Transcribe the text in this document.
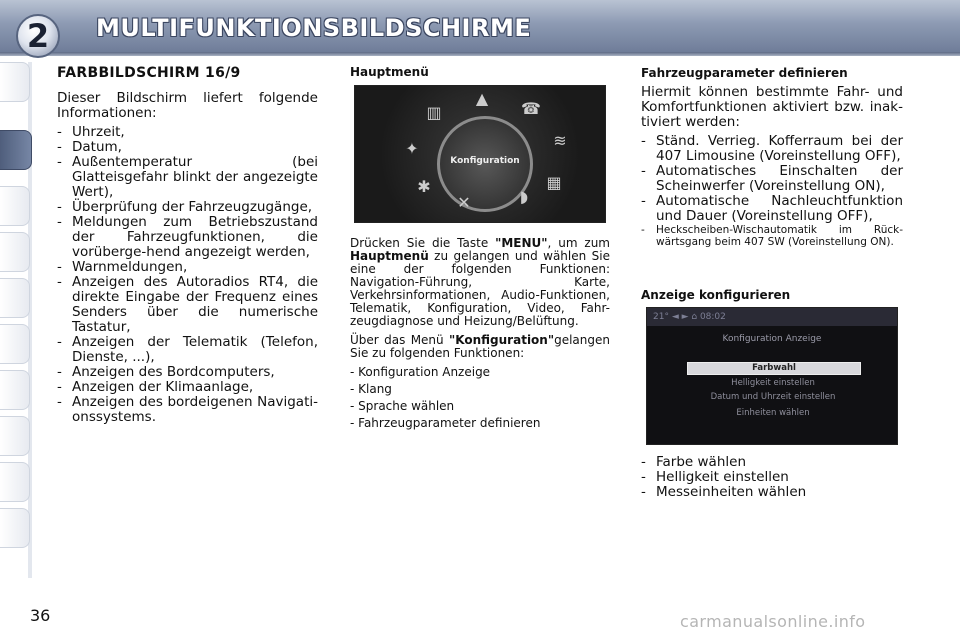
2	MULTIFUNKTIONSBILDSCHIRME
FARBBILDSCHIRM 16/9

Dieser Bildschirm liefert folgende Informationen:

- Uhrzeit,
- Datum,
- Außentemperatur (bei Glatteisgefahr blinkt der angezeigte Wert),
- Überprüfung der Fahrzeugzugänge,
- Meldungen zum Betriebszustand der Fahrzeugfunktionen, die vorüberge-hend angezeigt werden,
- Warnmeldungen,
- Anzeigen des Autoradios RT4, die direkte Eingabe der Frequenz eines Senders über die numerische Tastatur,
- Anzeigen der Telematik (Telefon, Dienste, ...),
- Anzeigen des Bordcomputers,
- Anzeigen der Klimaanlage,
- Anzeigen des bordeigenen Navigati-onssystems.
Hauptmenü
Konfiguration
▥
▲
☎
✦	≋
✱
✕	◗
▦

Drücken Sie die Taste "MENU", um zum Hauptmenü zu gelangen und wählen Sie eine der folgenden Funktionen: Navigation-Führung, Karte, Verkehrsinformationen, Audio-Funktionen, Telematik, Konfiguration, Video, Fahr-zeugdiagnose und Heizung/Belüftung.

Über das Menü "Konfiguration"gelangen Sie zu folgenden Funktionen:

- Konfiguration Anzeige
- Klang
- Sprache wählen
- Fahrzeugparameter definieren
Fahrzeugparameter definieren

Hiermit können bestimmte Fahr- und Komfortfunktionen aktiviert bzw. inak-tiviert werden:

- Ständ. Verrieg. Kofferraum bei der 407 Limousine (Voreinstellung OFF),
- Automatisches Einschalten der Scheinwerfer (Voreinstellung ON),
- Automatische Nachleuchtfunktion und Dauer (Voreinstellung OFF),
- Heckscheiben-Wischautomatik im Rück-wärtsgang beim 407 SW (Voreinstellung ON).
Anzeige konfigurieren
21° ◄ ► ⌂ 08:02
Konfiguration Anzeige
Farbwahl
Helligkeit einstellen
Datum und Uhrzeit einstellen
Einheiten wählen
- Farbe wählen
- Helligkeit einstellen
- Messeinheiten wählen
36	carmanualsonline.info
